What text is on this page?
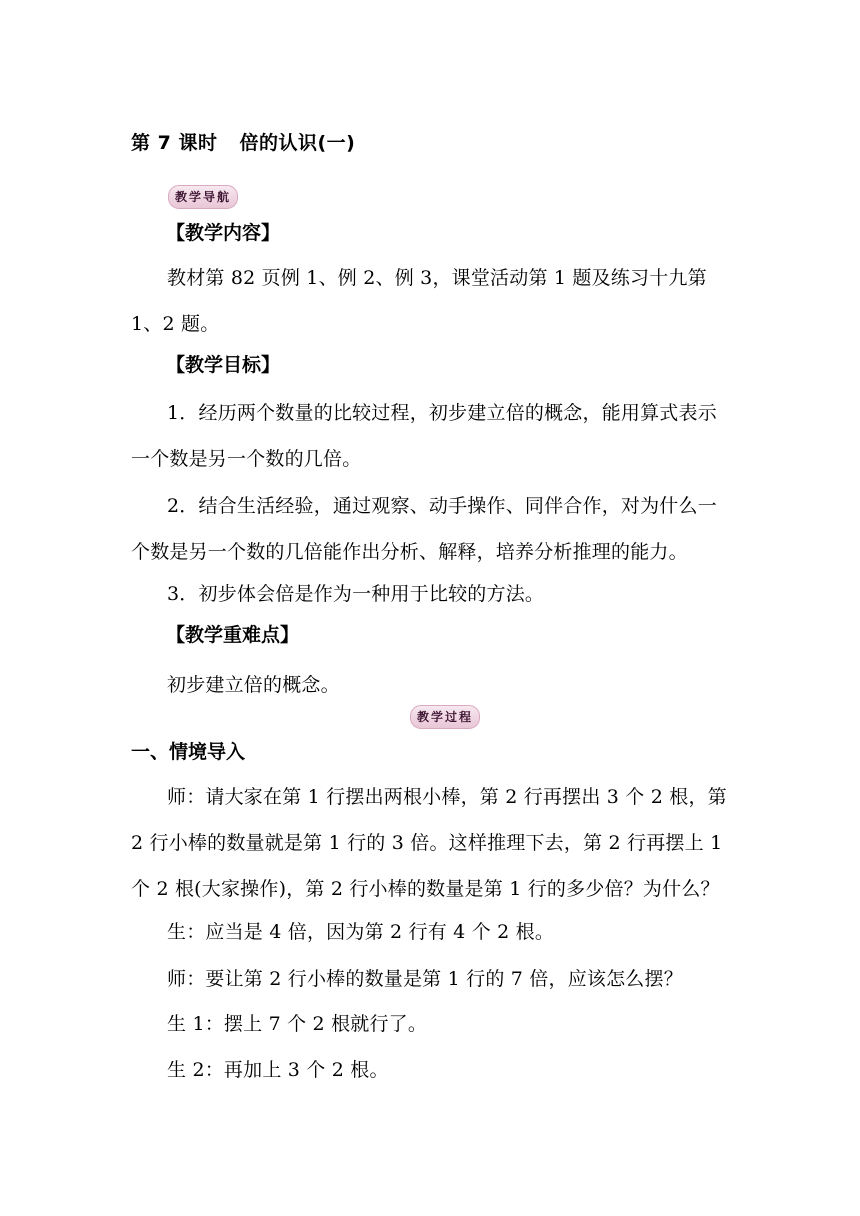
第 7 课时 倍的认识(一)
教学导航
【教学内容】
教材第 82 页例 1、例 2、例 3，课堂活动第 1 题及练习十九第 1、2 题。
【教学目标】
1．经历两个数量的比较过程，初步建立倍的概念，能用算式表示一个数是另一个数的几倍。
2．结合生活经验，通过观察、动手操作、同伴合作，对为什么一个数是另一个数的几倍能作出分析、解释，培养分析推理的能力。
3．初步体会倍是作为一种用于比较的方法。
【教学重难点】
初步建立倍的概念。
教学过程
一、情境导入
师：请大家在第 1 行摆出两根小棒，第 2 行再摆出 3 个 2 根，第 2 行小棒的数量就是第 1 行的 3 倍。这样推理下去，第 2 行再摆上 1 个 2 根(大家操作)，第 2 行小棒的数量是第 1 行的多少倍？为什么？
生：应当是 4 倍，因为第 2 行有 4 个 2 根。
师：要让第 2 行小棒的数量是第 1 行的 7 倍，应该怎么摆？
生 1：摆上 7 个 2 根就行了。
生 2：再加上 3 个 2 根。
